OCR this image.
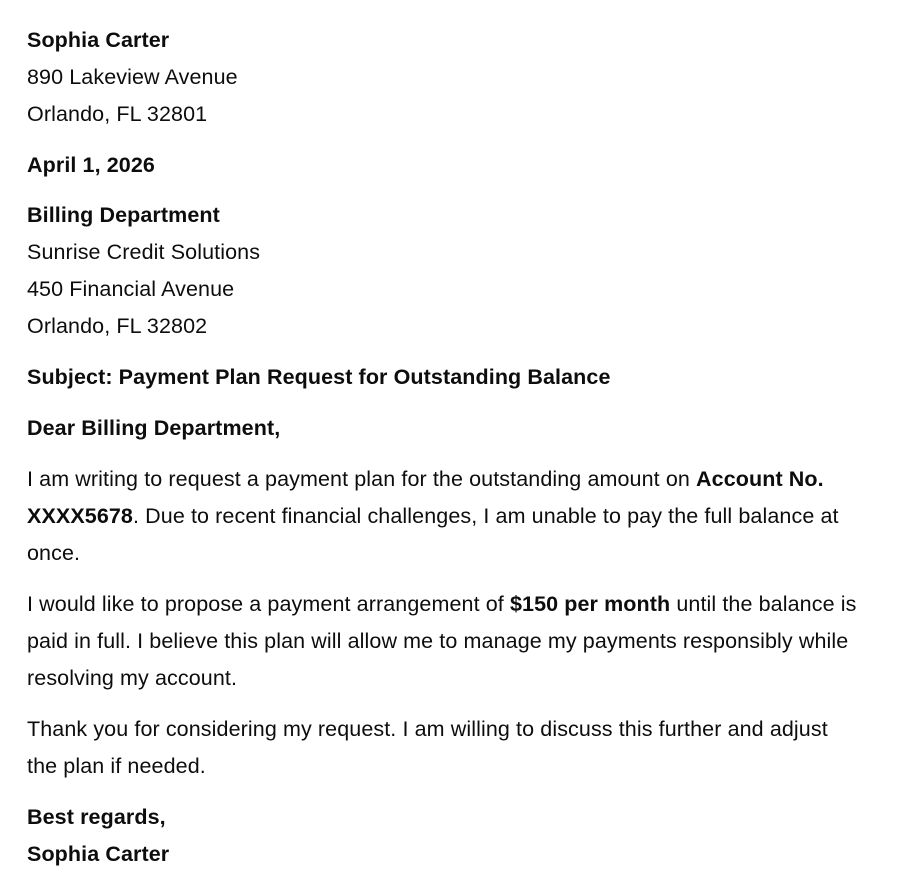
Sophia Carter
890 Lakeview Avenue
Orlando, FL 32801
April 1, 2026
Billing Department
Sunrise Credit Solutions
450 Financial Avenue
Orlando, FL 32802
Subject: Payment Plan Request for Outstanding Balance
Dear Billing Department,

I am writing to request a payment plan for the outstanding amount on Account No. XXXX5678. Due to recent financial challenges, I am unable to pay the full balance at once.

I would like to propose a payment arrangement of $150 per month until the balance is paid in full. I believe this plan will allow me to manage my payments responsibly while resolving my account.

Thank you for considering my request. I am willing to discuss this further and adjust the plan if needed.

Best regards,
Sophia Carter
